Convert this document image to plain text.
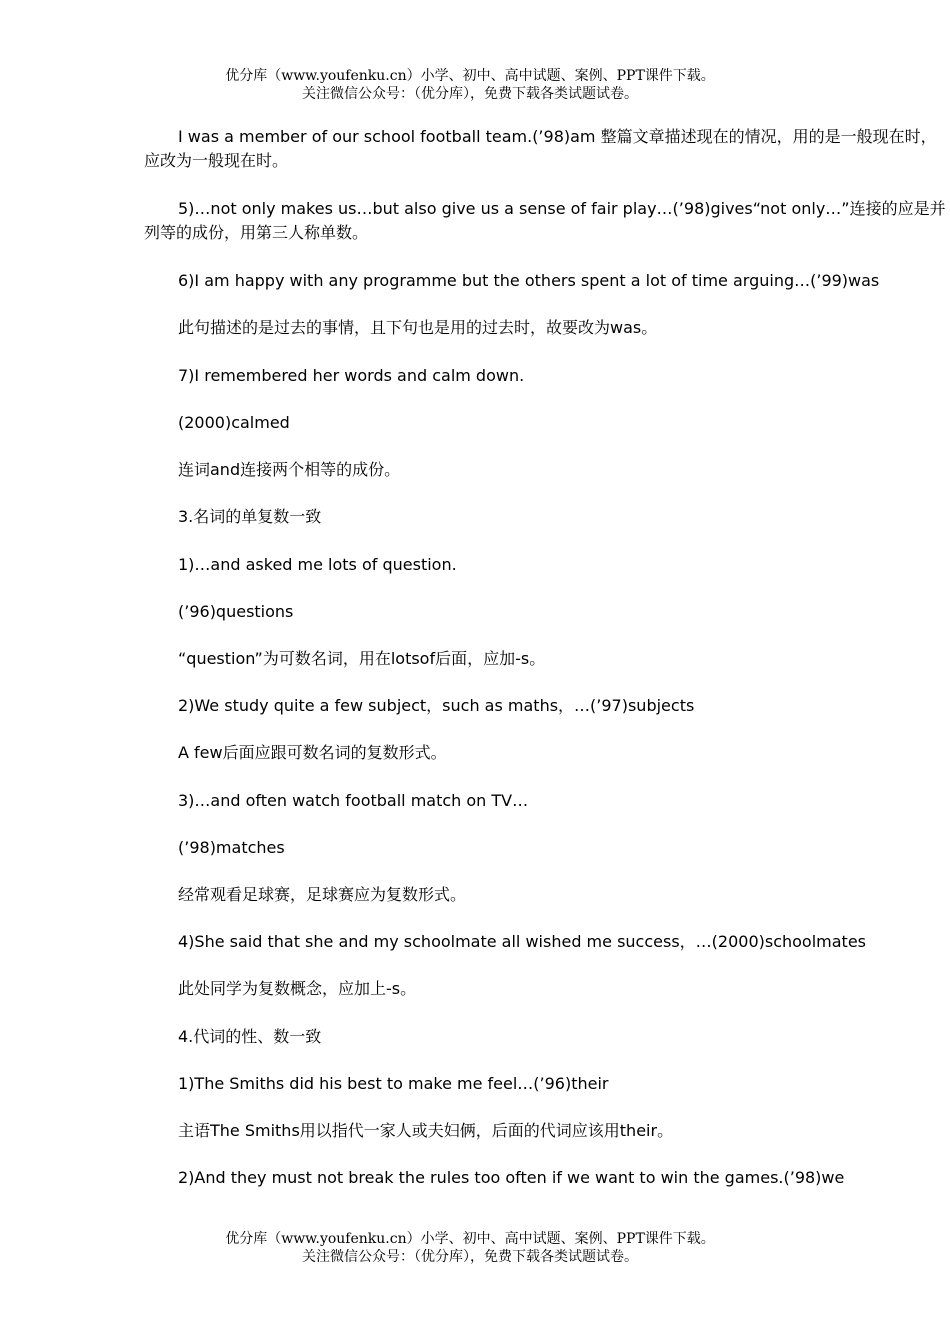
优分库（www.youfenku.cn）小学、初中、高中试题、案例、PPT课件下载。
关注微信公众号：（优分库），免费下载各类试题试卷。
I was a member of our school football team.(’98)am 整篇文章描述现在的情况，用的是一般现在时，应改为一般现在时。
5)…not only makes us…but also give us a sense of fair play…(’98)gives“not only…”连接的应是并列等的成份，用第三人称单数。
6)I am happy with any programme but the others spent a lot of time arguing…(’99)was
此句描述的是过去的事情，且下句也是用的过去时，故要改为was。
7)I remembered her words and calm down.
(2000)calmed
连词and连接两个相等的成份。
3.名词的单复数一致
1)…and asked me lots of question.
(’96)questions
“question”为可数名词，用在lotsof后面，应加-s。
2)We study quite a few subject，such as maths，…(’97)subjects
A few后面应跟可数名词的复数形式。
3)…and often watch football match on TV…
(’98)matches
经常观看足球赛，足球赛应为复数形式。
4)She said that she and my schoolmate all wished me success，…(2000)schoolmates
此处同学为复数概念，应加上-s。
4.代词的性、数一致
1)The Smiths did his best to make me feel…(’96)their
主语The Smiths用以指代一家人或夫妇俩，后面的代词应该用their。
2)And they must not break the rules too often if we want to win the games.(’98)we
优分库（www.youfenku.cn）小学、初中、高中试题、案例、PPT课件下载。
关注微信公众号：（优分库），免费下载各类试题试卷。
